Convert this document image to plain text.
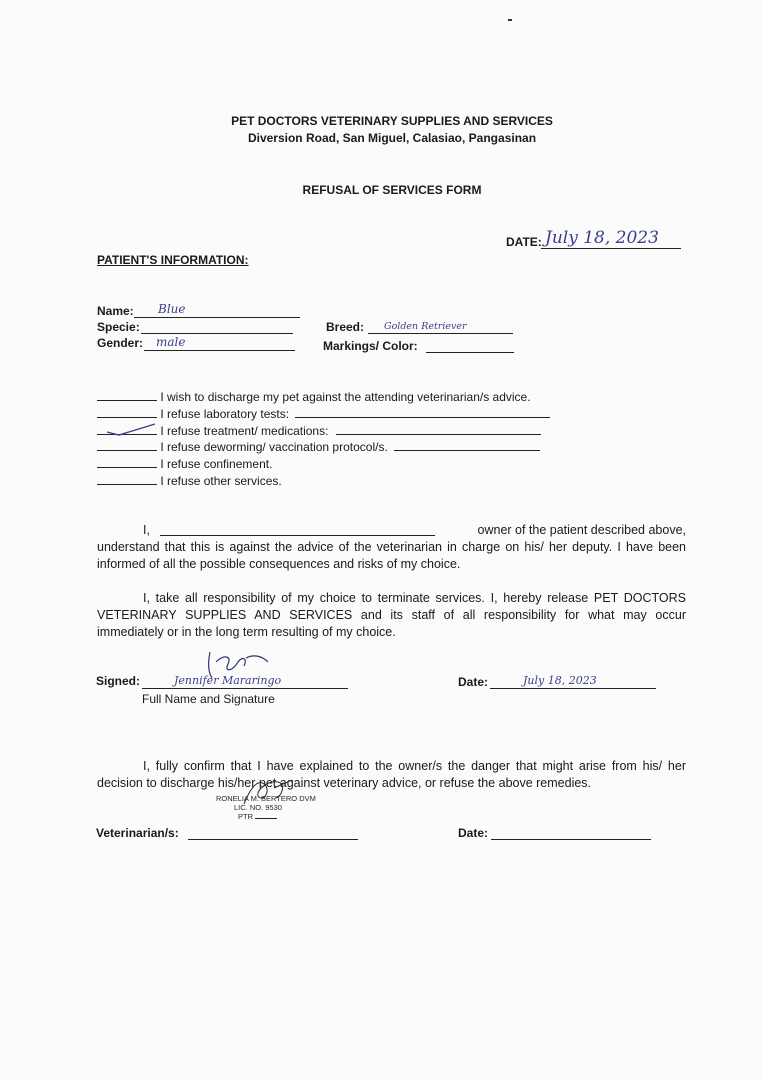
PET DOCTORS VETERINARY SUPPLIES AND SERVICES
Diversion Road, San Miguel, Calasiao, Pangasinan
REFUSAL OF SERVICES FORM
DATE: July 18, 2023
PATIENT'S INFORMATION:
Name: Blue
Specie:
Gender: male
Breed: Golden Retriever
Markings/ Color:
I wish to discharge my pet against the attending veterinarian/s advice.
I refuse laboratory tests:
I refuse treatment/ medications:
I refuse deworming/ vaccination protocol/s.
I refuse confinement.
I refuse other services.
I,	owner of the patient described above,
understand that this is against the advice of the veterinarian in charge on his/ her deputy. I have been informed of all the possible consequences and risks of my choice.
I, take all responsibility of my choice to terminate services. I, hereby release PET DOCTORS VETERINARY SUPPLIES AND SERVICES and its staff of all responsibility for what may occur immediately or in the long term resulting of my choice.
Signed:	Jennifer Mararingo
Full Name and Signature
Date:	July 18, 2023
I, fully confirm that I have explained to the owner/s the danger that might arise from his/ her decision to discharge his/her pet against veterinary advice, or refuse the above remedies.
RONELIA M. BERTERO DVM
LIC. NO. 9530
PTR
Veterinarian/s:	Date:
